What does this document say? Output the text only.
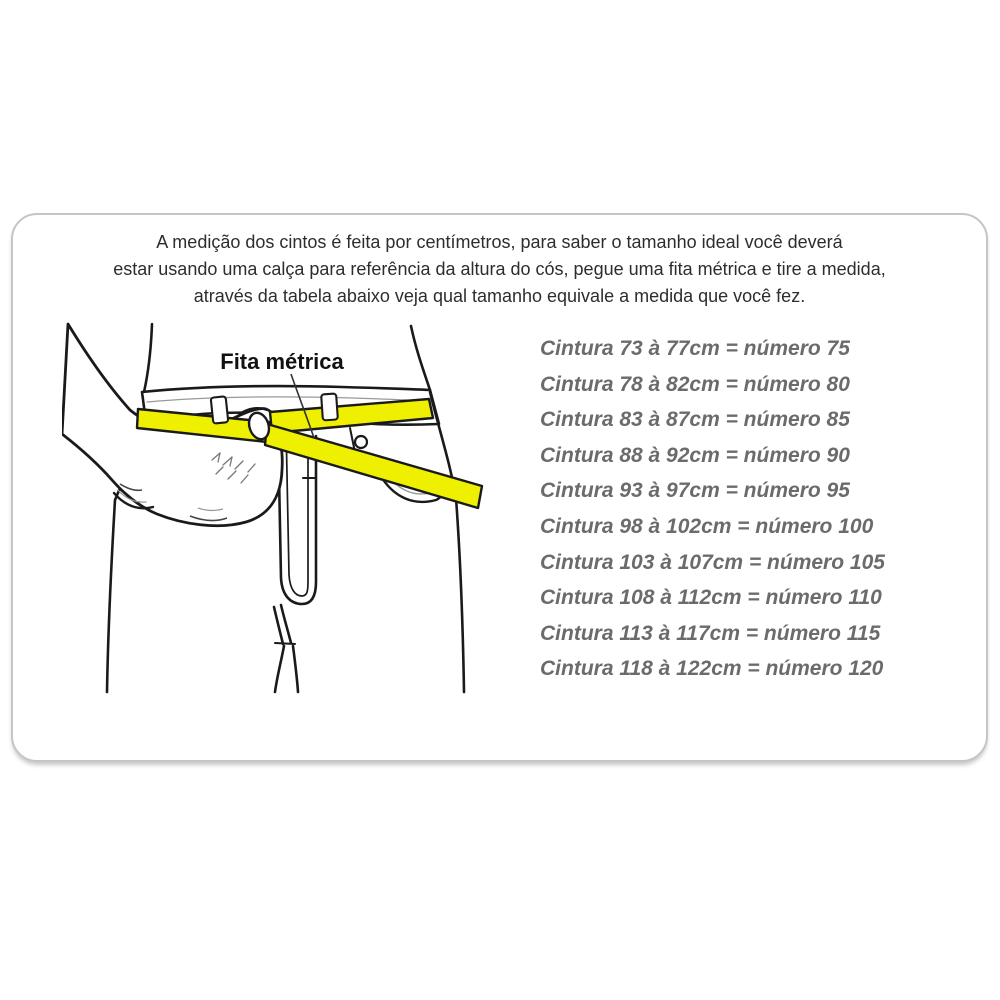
A medição dos cintos é feita por centímetros, para saber o tamanho ideal você deverá
estar usando uma calça para referência da altura do cós, pegue uma fita métrica e tire a medida,
através da tabela abaixo veja qual tamanho equivale a medida que você fez.
Fita métrica
Cintura 73 à 77cm = número 75
Cintura 78 à 82cm = número 80
Cintura 83 à 87cm = número 85
Cintura 88 à 92cm = número 90
Cintura 93 à 97cm = número 95
Cintura 98 à 102cm = número 100
Cintura 103 à 107cm = número 105
Cintura 108 à 112cm = número 110
Cintura 113 à 117cm = número 115
Cintura 118 à 122cm = número 120
